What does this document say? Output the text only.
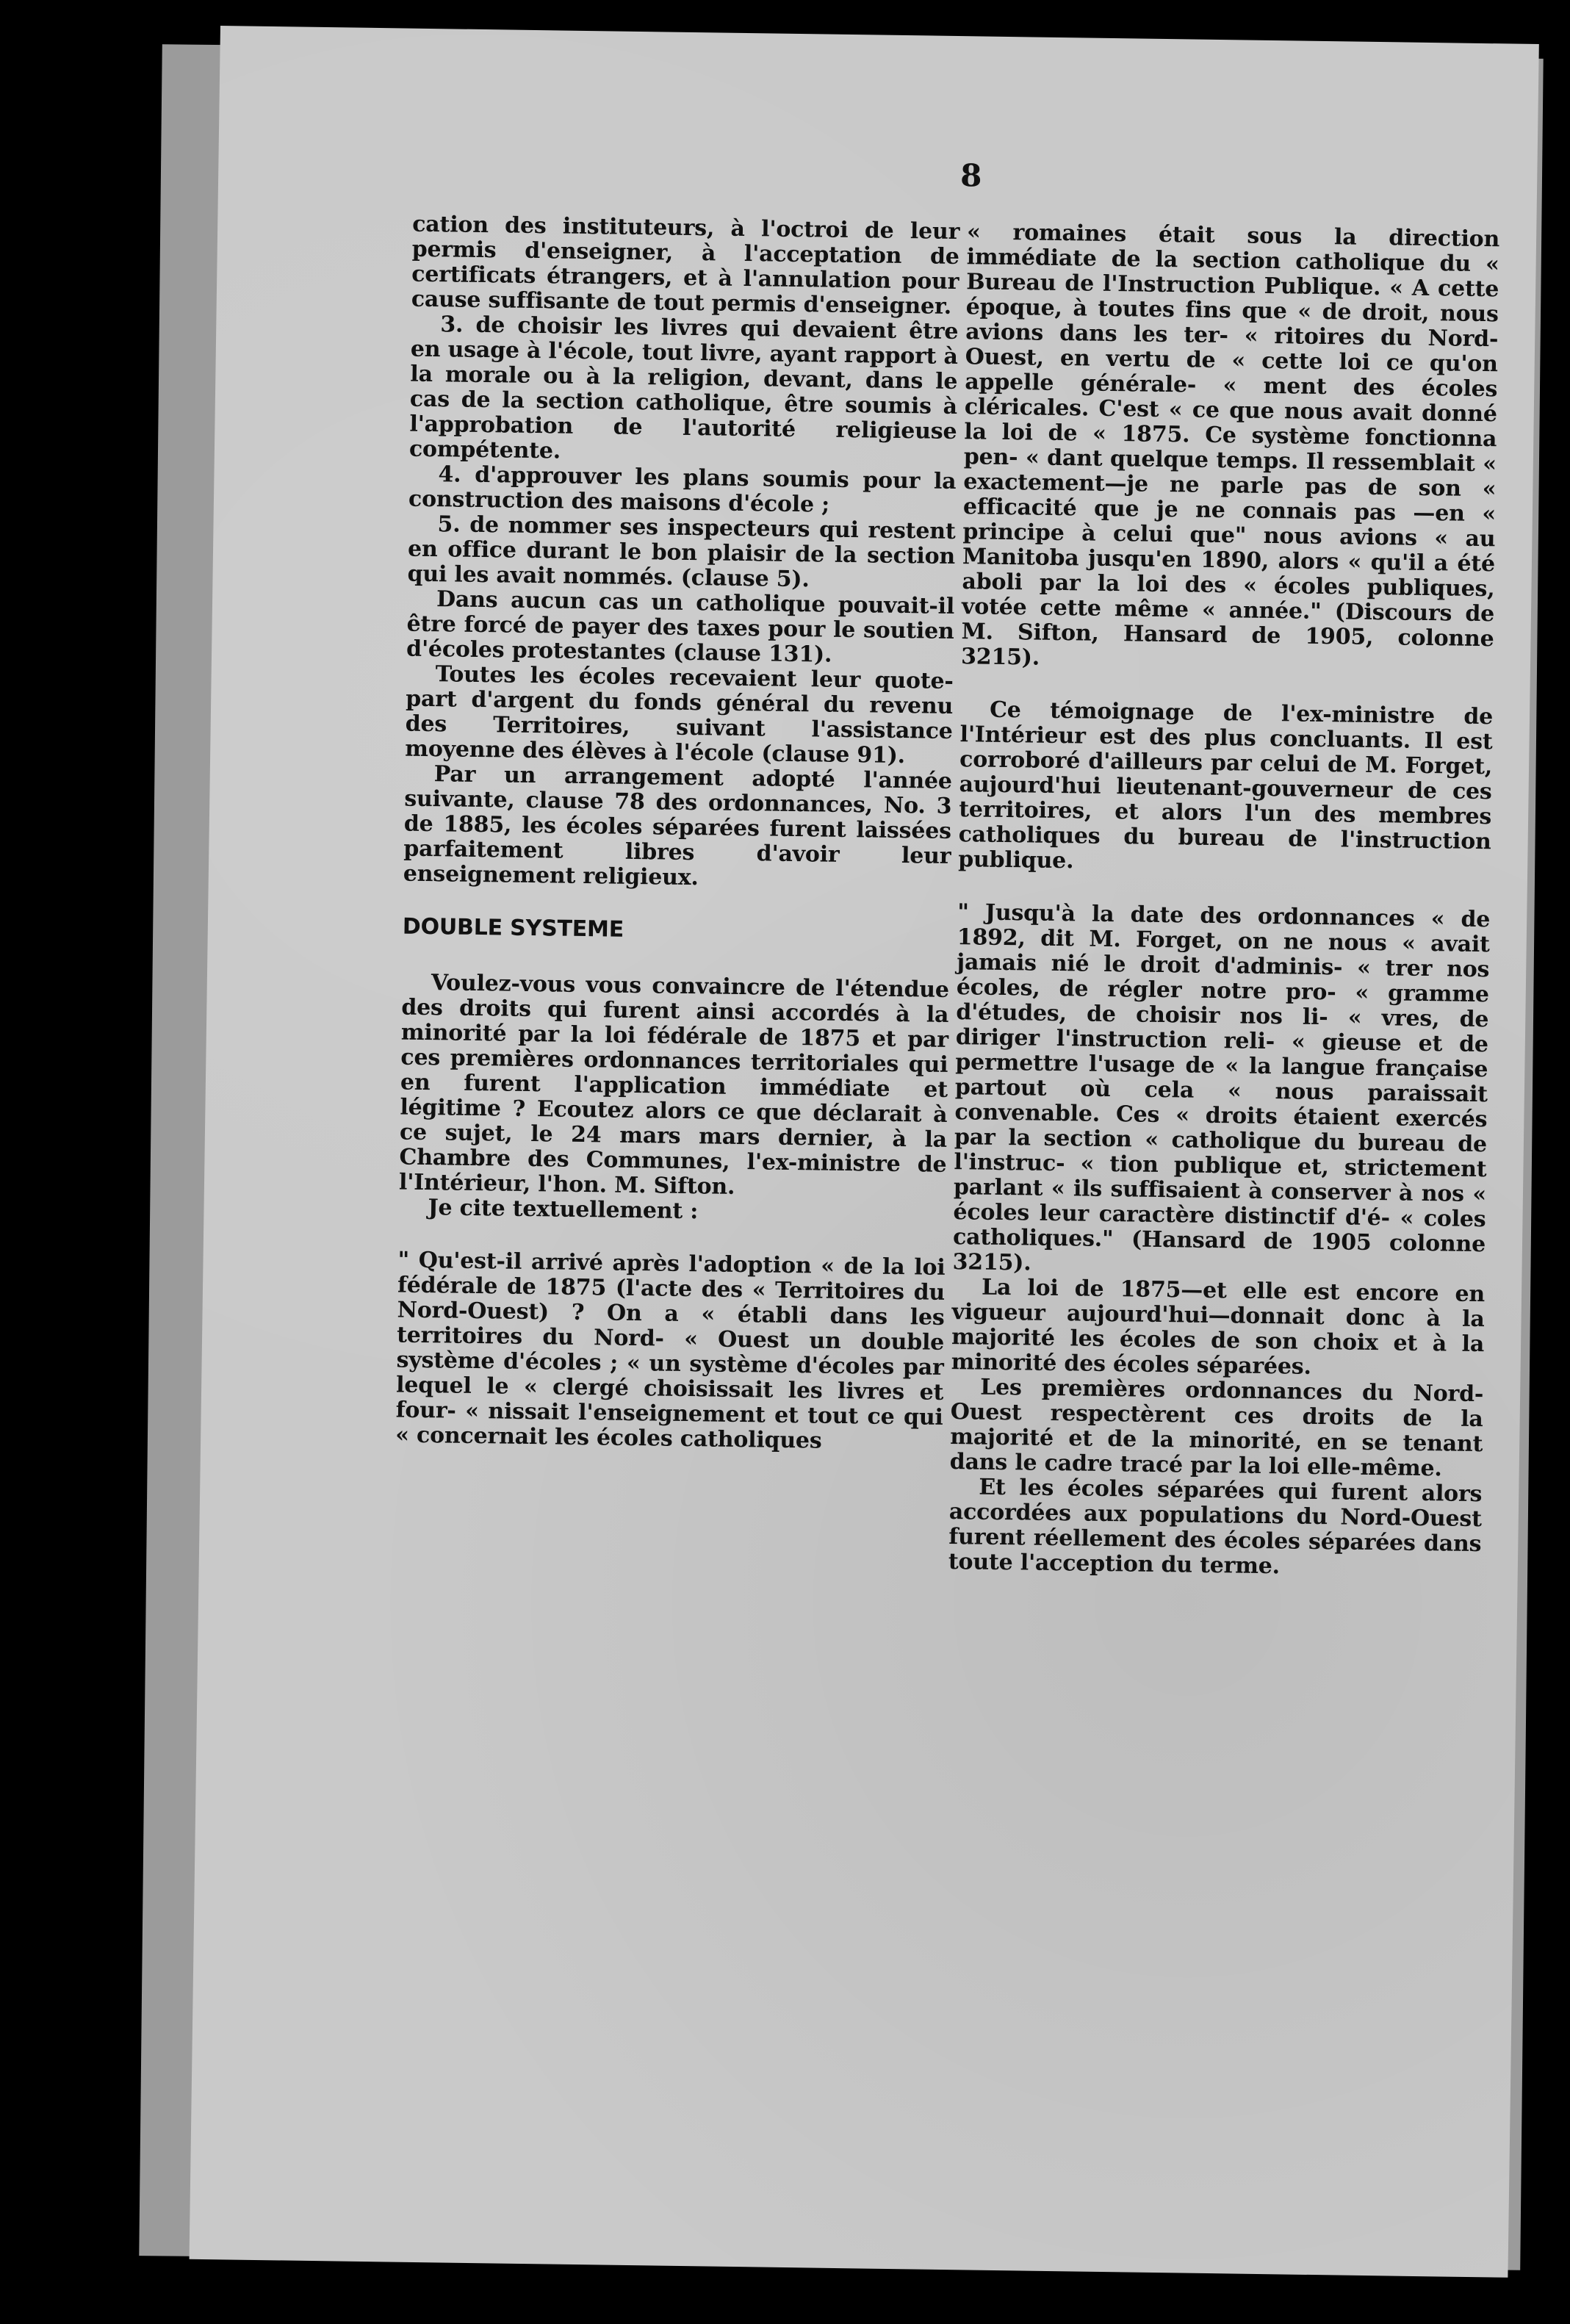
8

cation des instituteurs, à l'octroi de leur permis d'enseigner, à l'acceptation de certificats étrangers, et à l'annulation pour cause suffisante de tout permis d'enseigner.

3. de choisir les livres qui devaient être en usage à l'école, tout livre, ayant rapport à la morale ou à la religion, devant, dans le cas de la section catholique, être soumis à l'approbation de l'autorité religieuse compétente.

4. d'approuver les plans soumis pour la construction des maisons d'école ;

5. de nommer ses inspecteurs qui restent en office durant le bon plaisir de la section qui les avait nommés. (clause 5).

Dans aucun cas un catholique pouvait-il être forcé de payer des taxes pour le soutien d'écoles protestantes (clause 131).

Toutes les écoles recevaient leur quote-part d'argent du fonds général du revenu des Territoires, suivant l'assistance moyenne des élèves à l'école (clause 91).

Par un arrangement adopté l'année suivante, clause 78 des ordonnances, No. 3 de 1885, les écoles séparées furent laissées parfaitement libres d'avoir leur enseignement religieux.

DOUBLE SYSTEME

Voulez-vous vous convaincre de l'étendue des droits qui furent ainsi accordés à la minorité par la loi fédérale de 1875 et par ces premières ordonnances territoriales qui en furent l'application immédiate et légitime ? Ecoutez alors ce que déclarait à ce sujet, le 24 mars mars dernier, à la Chambre des Communes, l'ex-ministre de l'Intérieur, l'hon. M. Sifton.

Je cite textuellement :

" Qu'est-il arrivé après l'adoption « de la loi fédérale de 1875 (l'acte des « Territoires du Nord-Ouest) ? On a « établi dans les territoires du Nord- « Ouest un double système d'écoles ; « un système d'écoles par lequel le « clergé choisissait les livres et four- « nissait l'enseignement et tout ce qui « concernait les écoles catholiques

« romaines était sous la direction immédiate de la section catholique du « Bureau de l'Instruction Publique. « A cette époque, à toutes fins que « de droit, nous avions dans les ter- « ritoires du Nord-Ouest, en vertu de « cette loi ce qu'on appelle générale- « ment des écoles cléricales. C'est « ce que nous avait donné la loi de « 1875. Ce système fonctionna pen- « dant quelque temps. Il ressemblait « exactement—je ne parle pas de son « efficacité que je ne connais pas —en « principe à celui que" nous avions « au Manitoba jusqu'en 1890, alors « qu'il a été aboli par la loi des « écoles publiques, votée cette même « année." (Discours de M. Sifton, Hansard de 1905, colonne 3215).

Ce témoignage de l'ex-ministre de l'Intérieur est des plus concluants. Il est corroboré d'ailleurs par celui de M. Forget, aujourd'hui lieutenant-gouverneur de ces territoires, et alors l'un des membres catholiques du bureau de l'instruction publique.

" Jusqu'à la date des ordonnances « de 1892, dit M. Forget, on ne nous « avait jamais nié le droit d'adminis- « trer nos écoles, de régler notre pro- « gramme d'études, de choisir nos li- « vres, de diriger l'instruction reli- « gieuse et de permettre l'usage de « la langue française partout où cela « nous paraissait convenable. Ces « droits étaient exercés par la section « catholique du bureau de l'instruc- « tion publique et, strictement parlant « ils suffisaient à conserver à nos « écoles leur caractère distinctif d'é- « coles catholiques." (Hansard de 1905 colonne 3215).

La loi de 1875—et elle est encore en vigueur aujourd'hui—donnait donc à la majorité les écoles de son choix et à la minorité des écoles séparées.

Les premières ordonnances du Nord-Ouest respectèrent ces droits de la majorité et de la minorité, en se tenant dans le cadre tracé par la loi elle-même.

Et les écoles séparées qui furent alors accordées aux populations du Nord-Ouest furent réellement des écoles séparées dans toute l'acception du terme.
